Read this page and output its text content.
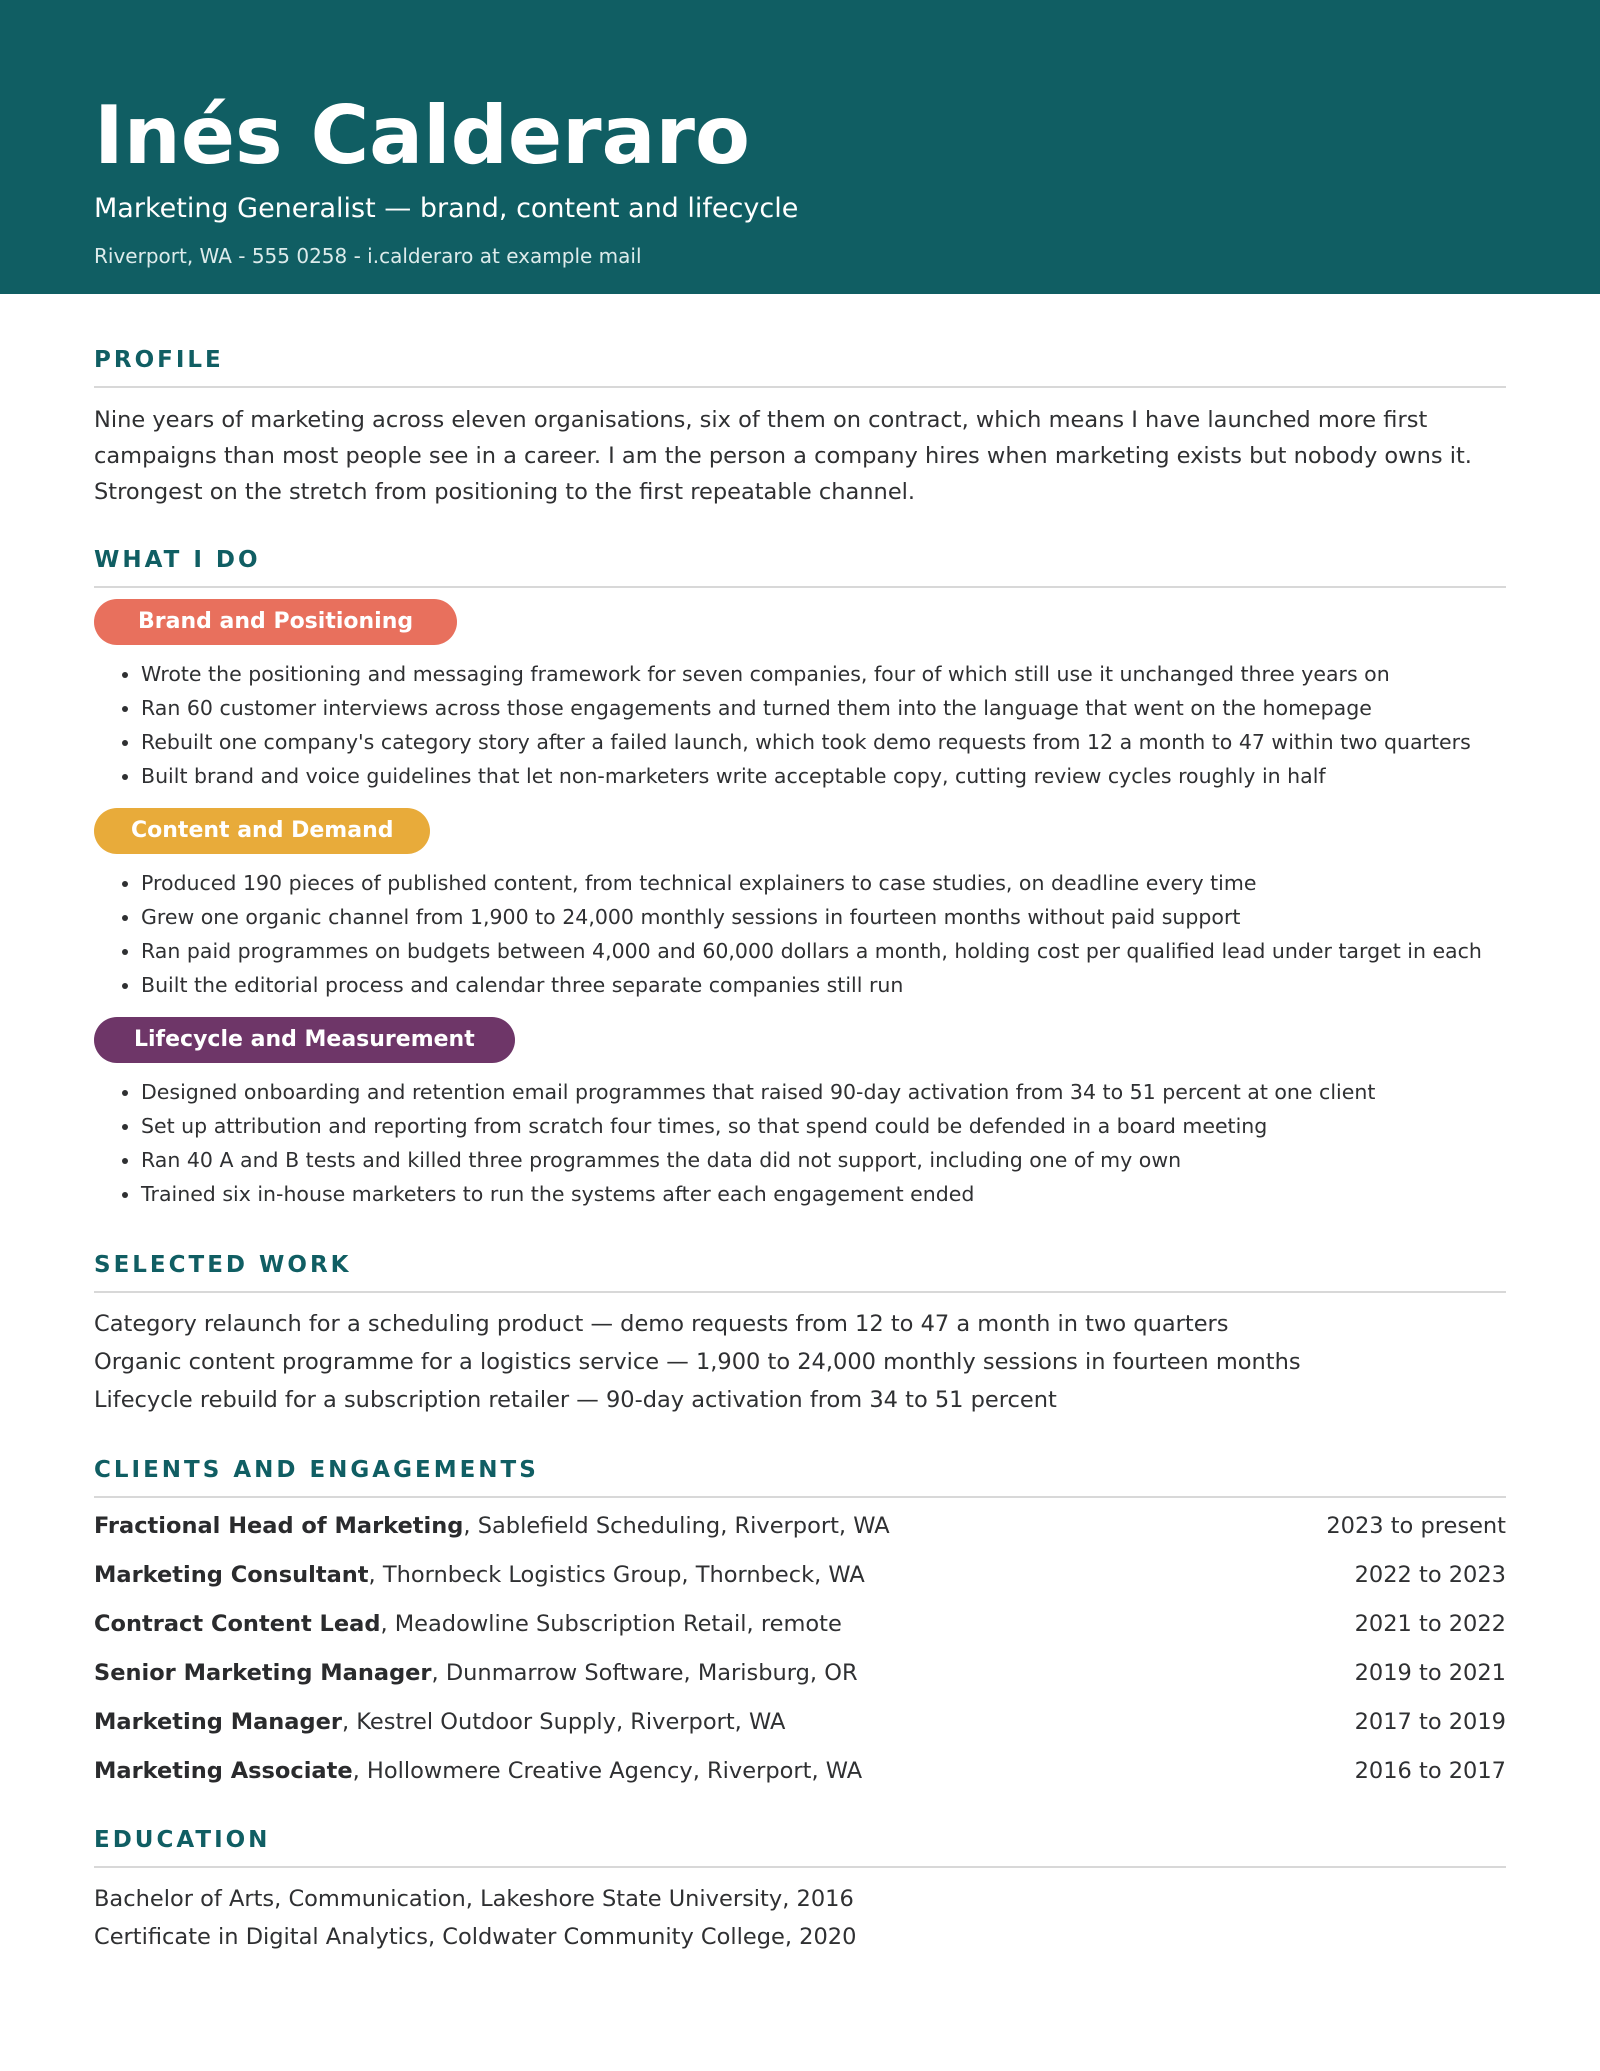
Inés Calderaro
Marketing Generalist — brand, content and lifecycle
Riverport, WA - 555 0258 - i.calderaro at example mail
PROFILE
Nine years of marketing across eleven organisations, six of them on contract, which means I have launched more first campaigns than most people see in a career. I am the person a company hires when marketing exists but nobody owns it. Strongest on the stretch from positioning to the first repeatable channel.
WHAT I DO
Brand and Positioning
Wrote the positioning and messaging framework for seven companies, four of which still use it unchanged three years on
Ran 60 customer interviews across those engagements and turned them into the language that went on the homepage
Rebuilt one company's category story after a failed launch, which took demo requests from 12 a month to 47 within two quarters
Built brand and voice guidelines that let non-marketers write acceptable copy, cutting review cycles roughly in half
Content and Demand
Produced 190 pieces of published content, from technical explainers to case studies, on deadline every time
Grew one organic channel from 1,900 to 24,000 monthly sessions in fourteen months without paid support
Ran paid programmes on budgets between 4,000 and 60,000 dollars a month, holding cost per qualified lead under target in each
Built the editorial process and calendar three separate companies still run
Lifecycle and Measurement
Designed onboarding and retention email programmes that raised 90-day activation from 34 to 51 percent at one client
Set up attribution and reporting from scratch four times, so that spend could be defended in a board meeting
Ran 40 A and B tests and killed three programmes the data did not support, including one of my own
Trained six in-house marketers to run the systems after each engagement ended
SELECTED WORK
Category relaunch for a scheduling product — demo requests from 12 to 47 a month in two quarters
Organic content programme for a logistics service — 1,900 to 24,000 monthly sessions in fourteen months
Lifecycle rebuild for a subscription retailer — 90-day activation from 34 to 51 percent
CLIENTS AND ENGAGEMENTS
Fractional Head of Marketing, Sablefield Scheduling, Riverport, WA	2023 to present
Marketing Consultant, Thornbeck Logistics Group, Thornbeck, WA	2022 to 2023
Contract Content Lead, Meadowline Subscription Retail, remote	2021 to 2022
Senior Marketing Manager, Dunmarrow Software, Marisburg, OR	2019 to 2021
Marketing Manager, Kestrel Outdoor Supply, Riverport, WA	2017 to 2019
Marketing Associate, Hollowmere Creative Agency, Riverport, WA	2016 to 2017
EDUCATION
Bachelor of Arts, Communication, Lakeshore State University, 2016
Certificate in Digital Analytics, Coldwater Community College, 2020
